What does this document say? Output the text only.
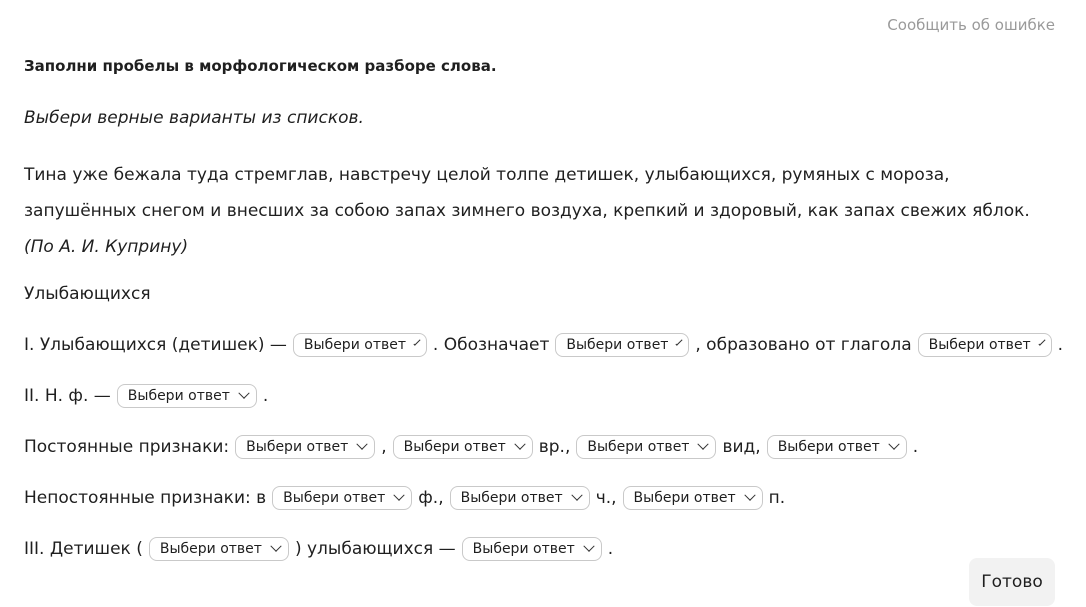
Сообщить об ошибке

Заполни пробелы в морфологическом разборе слова.

Выбери верные варианты из списков.
Тина уже бежала туда стремглав, навстречу целой толпе детишек, улыбающихся, румяных с мороза, запушённых снегом и внесших за собою запах зимнего воздуха, крепкий и здоровый, как запах свежих яблок. (По А. И. Куприну)
Улыбающихся
I. Улыбающихся (детишек) — Выбери ответ . Обозначает Выбери ответ , образовано от глагола Выбери ответ .
II. Н. ф. — Выбери ответ .
Постоянные признаки: Выбери ответ , Выбери ответ вр., Выбери ответ вид, Выбери ответ .
Непостоянные признаки: в Выбери ответ ф., Выбери ответ ч., Выбери ответ п.
III. Детишек ( Выбери ответ ) улыбающихся — Выбери ответ .
Готово
